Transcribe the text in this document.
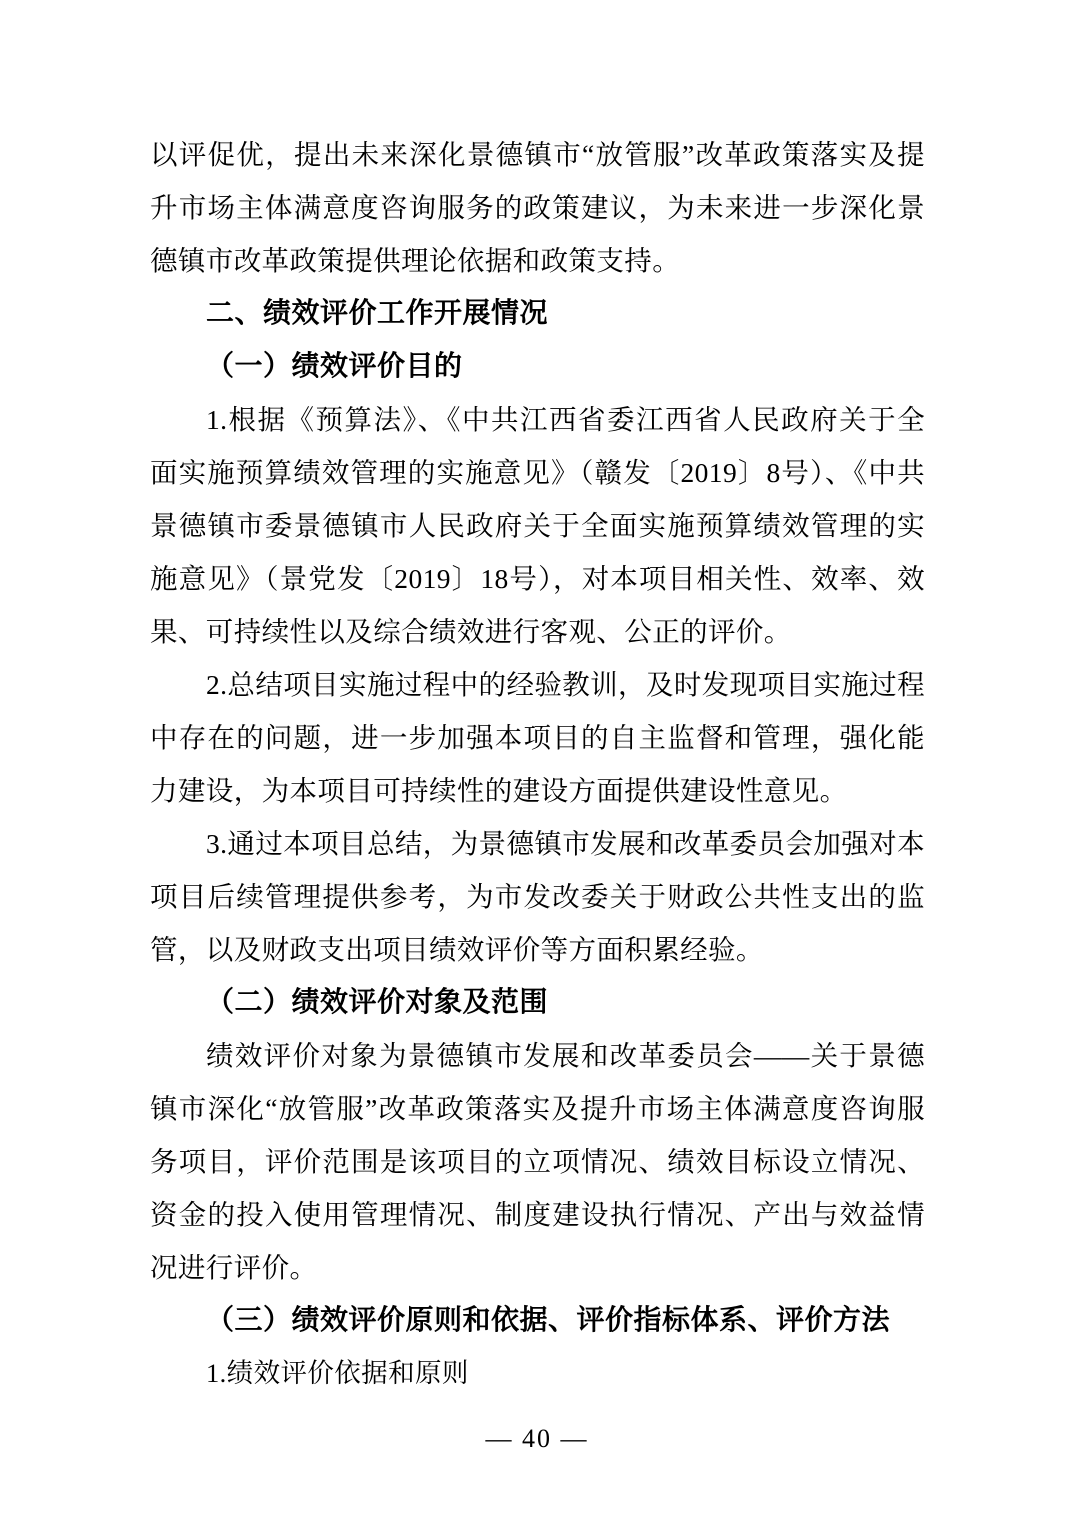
以评促优，提出未来深化景德镇市“放管服”改革政策落实及提升市场主体满意度咨询服务的政策建议，为未来进一步深化景德镇市改革政策提供理论依据和政策支持。

二、绩效评价工作开展情况

（一）绩效评价目的

1.根据《预算法》、《中共江西省委江西省人民政府关于全面实施预算绩效管理的实施意见》（赣发〔2019〕8号）、《中共景德镇市委景德镇市人民政府关于全面实施预算绩效管理的实施意见》（景党发〔2019〕18号），对本项目相关性、效率、效果、可持续性以及综合绩效进行客观、公正的评价。

2.总结项目实施过程中的经验教训，及时发现项目实施过程中存在的问题，进一步加强本项目的自主监督和管理，强化能力建设，为本项目可持续性的建设方面提供建设性意见。

3.通过本项目总结，为景德镇市发展和改革委员会加强对本项目后续管理提供参考，为市发改委关于财政公共性支出的监管，以及财政支出项目绩效评价等方面积累经验。

（二）绩效评价对象及范围

绩效评价对象为景德镇市发展和改革委员会——关于景德镇市深化“放管服”改革政策落实及提升市场主体满意度咨询服务项目，评价范围是该项目的立项情况、绩效目标设立情况、资金的投入使用管理情况、制度建设执行情况、产出与效益情况进行评价。

（三）绩效评价原则和依据、评价指标体系、评价方法

1.绩效评价依据和原则

— 40 —
